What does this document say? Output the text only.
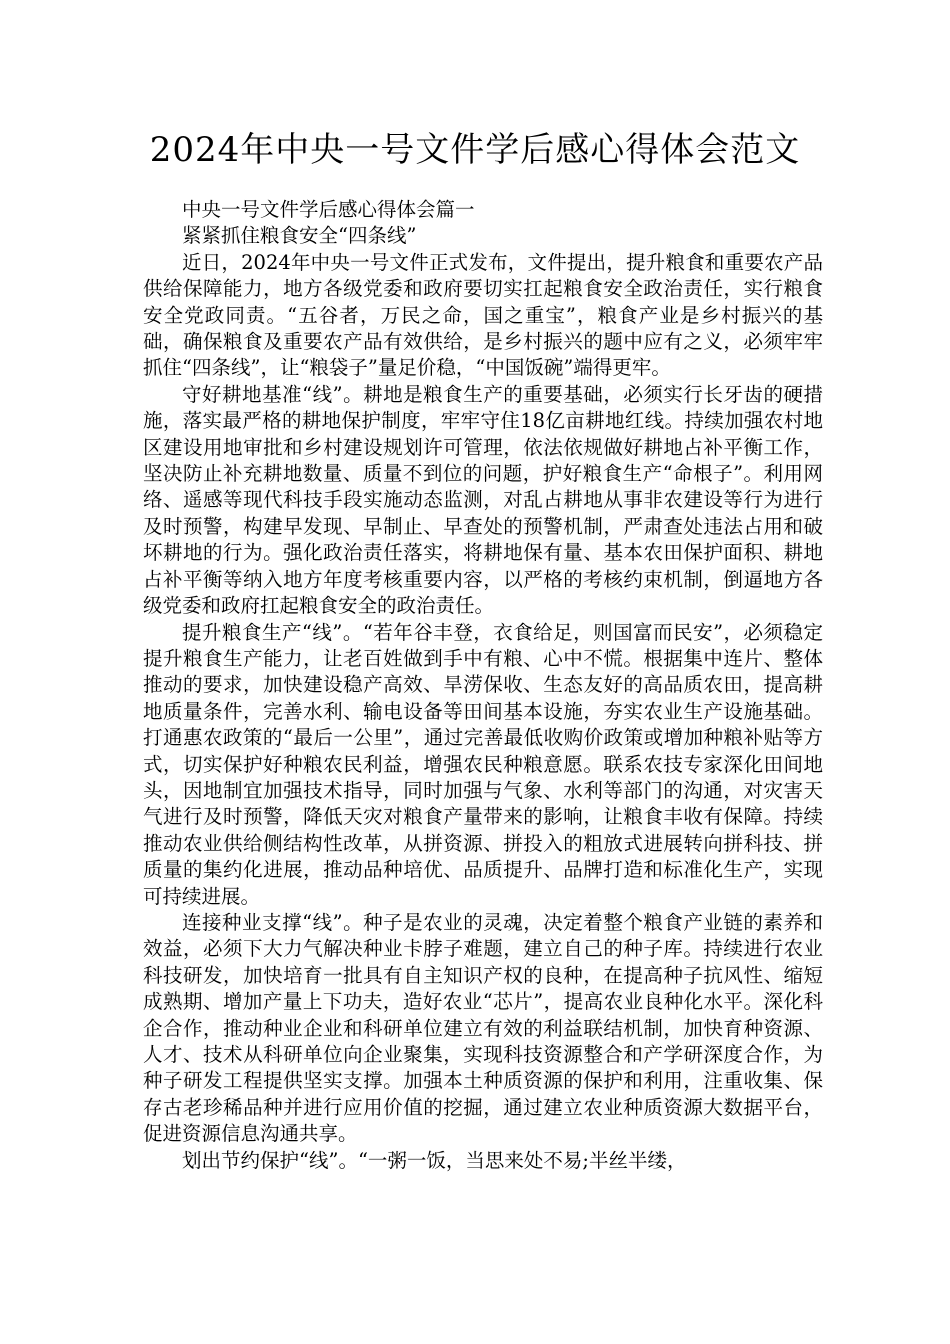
2024年中央一号文件学后感心得体会范文
中央一号文件学后感心得体会篇一
紧紧抓住粮食安全“四条线”

近日，2024年中央一号文件正式发布，文件提出，提升粮食和重要农产品供给保障能力，地方各级党委和政府要切实扛起粮食安全政治责任，实行粮食安全党政同责。“五谷者，万民之命，国之重宝”，粮食产业是乡村振兴的基础，确保粮食及重要农产品有效供给，是乡村振兴的题中应有之义，必须牢牢抓住“四条线”，让“粮袋子”量足价稳，“中国饭碗”端得更牢。

守好耕地基准“线”。耕地是粮食生产的重要基础，必须实行长牙齿的硬措施，落实最严格的耕地保护制度，牢牢守住18亿亩耕地红线。持续加强农村地区建设用地审批和乡村建设规划许可管理，依法依规做好耕地占补平衡工作，坚决防止补充耕地数量、质量不到位的问题，护好粮食生产“命根子”。利用网络、遥感等现代科技手段实施动态监测，对乱占耕地从事非农建设等行为进行及时预警，构建早发现、早制止、早查处的预警机制，严肃查处违法占用和破坏耕地的行为。强化政治责任落实，将耕地保有量、基本农田保护面积、耕地占补平衡等纳入地方年度考核重要内容，以严格的考核约束机制，倒逼地方各级党委和政府扛起粮食安全的政治责任。

提升粮食生产“线”。“若年谷丰登，衣食给足，则国富而民安”，必须稳定提升粮食生产能力，让老百姓做到手中有粮、心中不慌。根据集中连片、整体推动的要求，加快建设稳产高效、旱涝保收、生态友好的高品质农田，提高耕地质量条件，完善水利、输电设备等田间基本设施，夯实农业生产设施基础。打通惠农政策的“最后一公里”，通过完善最低收购价政策或增加种粮补贴等方式，切实保护好种粮农民利益，增强农民种粮意愿。联系农技专家深化田间地头，因地制宜加强技术指导，同时加强与气象、水利等部门的沟通，对灾害天气进行及时预警，降低天灾对粮食产量带来的影响，让粮食丰收有保障。持续推动农业供给侧结构性改革，从拼资源、拼投入的粗放式进展转向拼科技、拼质量的集约化进展，推动品种培优、品质提升、品牌打造和标准化生产，实现可持续进展。

连接种业支撑“线”。种子是农业的灵魂，决定着整个粮食产业链的素养和效益，必须下大力气解决种业卡脖子难题，建立自己的种子库。持续进行农业科技研发，加快培育一批具有自主知识产权的良种，在提高种子抗风性、缩短成熟期、增加产量上下功夫，造好农业“芯片”，提高农业良种化水平。深化科企合作，推动种业企业和科研单位建立有效的利益联结机制，加快育种资源、人才、技术从科研单位向企业聚集，实现科技资源整合和产学研深度合作，为种子研发工程提供坚实支撑。加强本土种质资源的保护和利用，注重收集、保存古老珍稀品种并进行应用价值的挖掘，通过建立农业种质资源大数据平台，促进资源信息沟通共享。

划出节约保护“线”。“一粥一饭，当思来处不易;半丝半缕，
